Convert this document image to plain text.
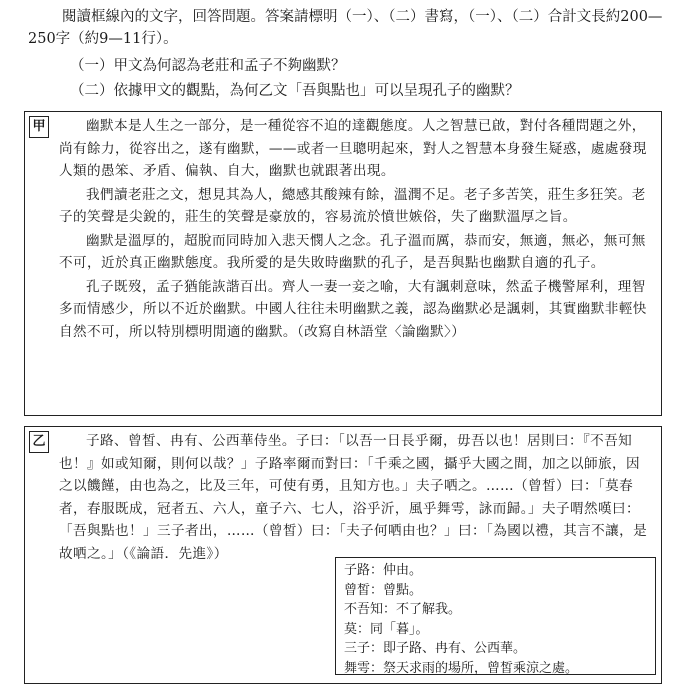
閱讀框線內的文字，回答問題。答案請標明（一）、（二）書寫，（一）、（二）合計文長約200—250字（約9—11行）。
（一）甲文為何認為老莊和孟子不夠幽默？
（二）依據甲文的觀點，為何乙文「吾與點也」可以呈現孔子的幽默？
甲	幽默本是人生之一部分，是一種從容不迫的達觀態度。人之智慧已啟，對付各種問題之外，尚有餘力，從容出之，遂有幽默，——或者一旦聰明起來，對人之智慧本身發生疑惑，處處發現人類的愚笨、矛盾、偏執、自大，幽默也就跟著出現。

我們讀老莊之文，想見其為人，總感其酸辣有餘，溫潤不足。老子多苦笑，莊生多狂笑。老子的笑聲是尖銳的，莊生的笑聲是豪放的，容易流於憤世嫉俗，失了幽默溫厚之旨。

幽默是溫厚的，超脫而同時加入悲天憫人之念。孔子溫而厲，恭而安，無適，無必，無可無不可，近於真正幽默態度。我所愛的是失敗時幽默的孔子，是吾與點也幽默自適的孔子。

孔子既歿，孟子猶能詼諧百出。齊人一妻一妾之喻，大有諷刺意味，然孟子機警犀利，理智多而情感少，所以不近於幽默。中國人往往未明幽默之義，認為幽默必是諷刺，其實幽默非輕快自然不可，所以特別標明閒適的幽默。（改寫自林語堂〈論幽默〉）

乙	子路、曾皙、冉有、公西華侍坐。子曰：「以吾一日長乎爾，毋吾以也！居則曰：『不吾知也！』如或知爾，則何以哉？」子路率爾而對曰：「千乘之國，攝乎大國之間，加之以師旅，因之以饑饉，由也為之，比及三年，可使有勇，且知方也。」夫子哂之。……（曾皙）曰：「莫春者，春服既成，冠者五、六人，童子六、七人，浴乎沂，風乎舞雩，詠而歸。」夫子喟然嘆曰：「吾與點也！」三子者出，……（曾皙）曰：「夫子何哂由也？」曰：「為國以禮，其言不讓，是故哂之。」（《論語．先進》）

子路：仲由。
曾皙：曾點。
不吾知：不了解我。
莫：同「暮」。
三子：即子路、冉有、公西華。
舞雩：祭天求雨的場所，曾皙乘涼之處。
